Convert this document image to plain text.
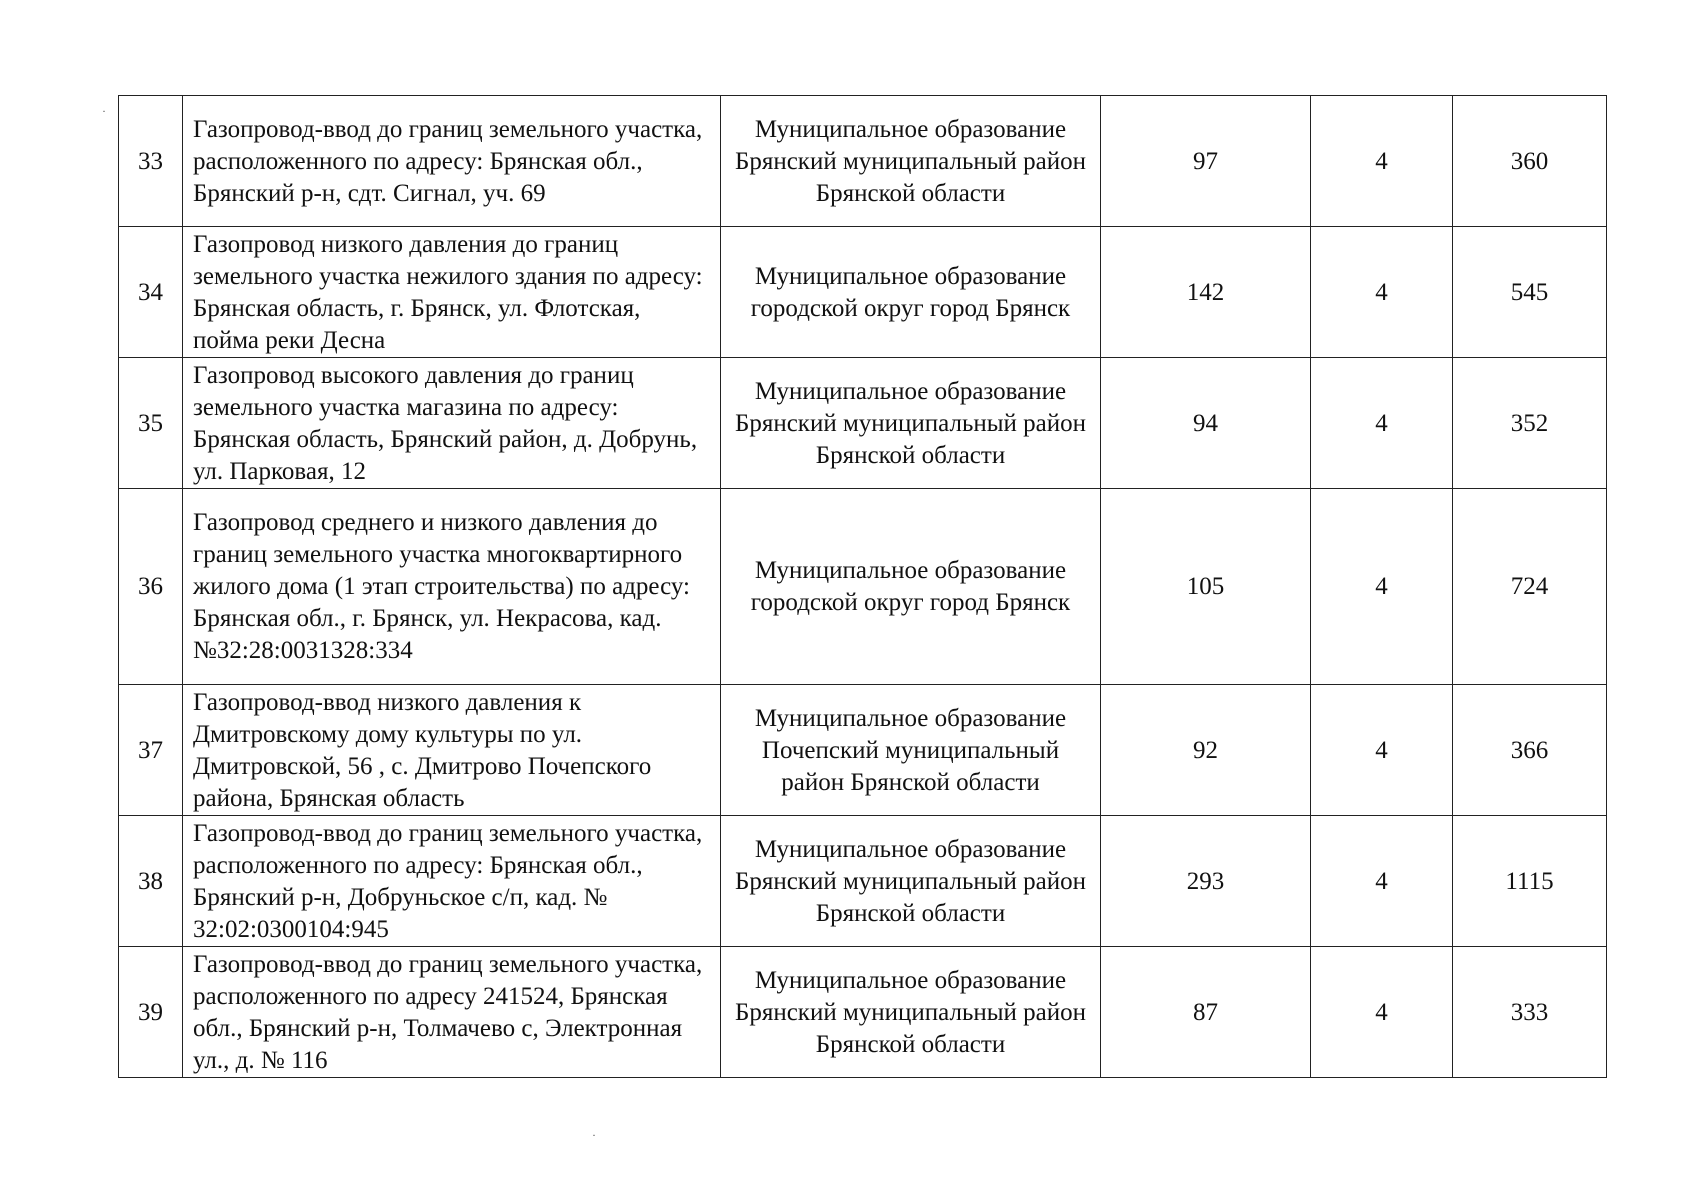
·
·
33	Газопровод-ввод до границ земельного участка, расположенного по адресу: Брянская обл., Брянский р-н, сдт. Сигнал, уч. 69	Муниципальное образование Брянский муниципальный район Брянской области	97	4	360
34	Газопровод низкого давления до границ земельного участка нежилого здания по адресу: Брянская область, г. Брянск, ул. Флотская, пойма реки Десна	Муниципальное образование городской округ город Брянск	142	4	545
35	Газопровод высокого давления до границ земельного участка магазина по адресу: Брянская область, Брянский район, д. Добрунь, ул. Парковая, 12	Муниципальное образование Брянский муниципальный район Брянской области	94	4	352
36	Газопровод среднего и низкого давления до границ земельного участка многоквартирного жилого дома (1 этап строительства) по адресу: Брянская обл., г. Брянск, ул. Некрасова, кад.№32:28:0031328:334	Муниципальное образование городской округ город Брянск	105	4	724
37	Газопровод-ввод низкого давления к Дмитровскому дому культуры по ул. Дмитровской, 56 , с. Дмитрово Почепского района, Брянская область	Муниципальное образование Почепский муниципальный район Брянской области	92	4	366
38	Газопровод-ввод до границ земельного участка, расположенного по адресу: Брянская обл., Брянский р-н, Добруньское с/п, кад. № 32:02:0300104:945	Муниципальное образование Брянский муниципальный район Брянской области	293	4	1115
39	Газопровод-ввод до границ земельного участка, расположенного по адресу 241524, Брянская обл., Брянский р-н, Толмачево с, Электронная ул., д. № 116	Муниципальное образование Брянский муниципальный район Брянской области	87	4	333
